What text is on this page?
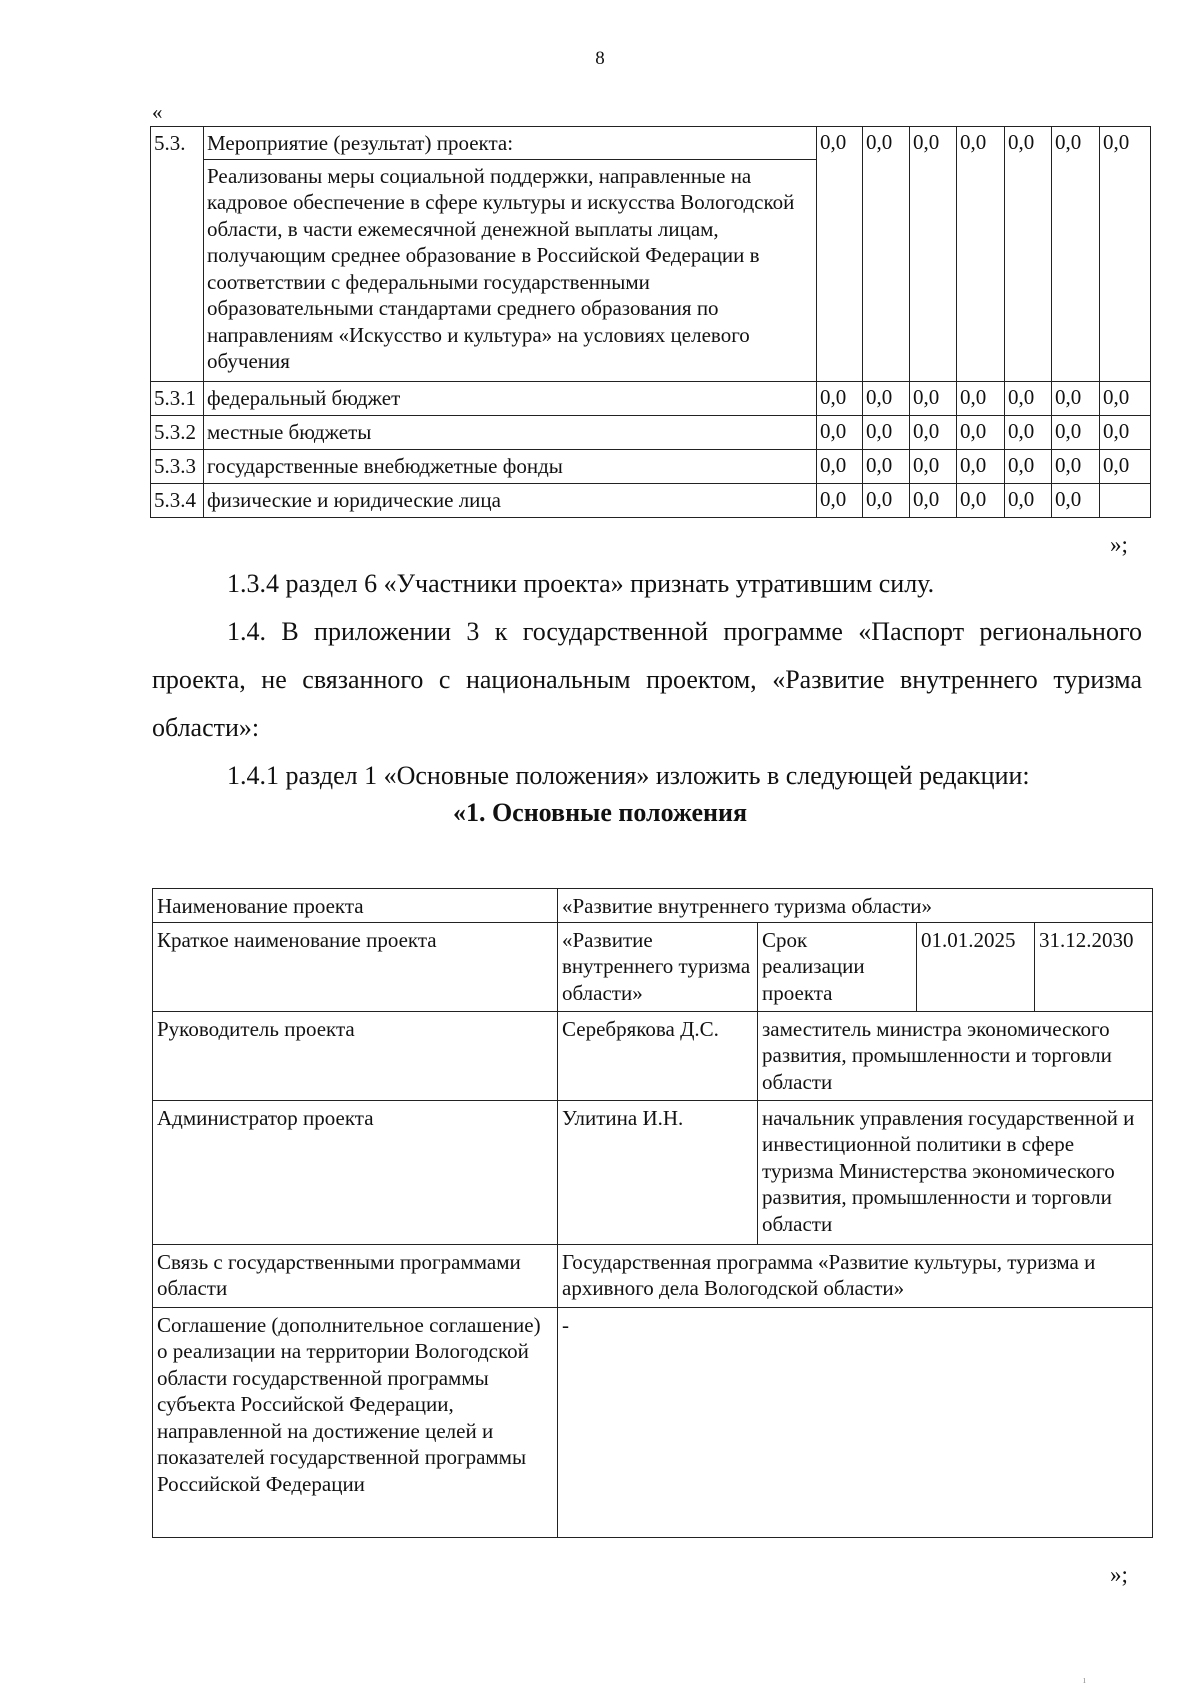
8
«
5.3.	Мероприятие (результат) проекта:	0,0	0,0	0,0	0,0	0,0	0,0	0,0
	Реализованы меры социальной поддержки, направленные на кадровое обеспечение в сфере культуры и искусства Вологодской области, в части ежемесячной денежной выплаты лицам, получающим среднее образование в Российской Федерации в соответствии с федеральными государственными образовательными стандартами среднего образования по направлениям «Искусство и культура» на условиях целевого обучения							
5.3.1	федеральный бюджет	0,0	0,0	0,0	0,0	0,0	0,0	0,0
5.3.2	местные бюджеты	0,0	0,0	0,0	0,0	0,0	0,0	0,0
5.3.3	государственные внебюджетные фонды	0,0	0,0	0,0	0,0	0,0	0,0	0,0
5.3.4	физические и юридические лица	0,0	0,0	0,0	0,0	0,0	0,0	
»;
1.3.4 раздел 6 «Участники проекта» признать утратившим силу.
1.4. В приложении 3 к государственной программе «Паспорт регионального проекта, не связанного с национальным проектом, «Развитие внутреннего туризма области»:
1.4.1 раздел 1 «Основные положения» изложить в следующей редакции:
«1. Основные положения
Наименование проекта	«Развитие внутреннего туризма области»			
Краткое наименование проекта	«Развитие внутреннего туризма области»	Срок реализации проекта	01.01.2025	31.12.2030
Руководитель проекта	Серебрякова Д.С.	заместитель министра экономического развития, промышленности и торговли области		
Администратор проекта	Улитина И.Н.	начальник управления государственной и инвестиционной политики в сфере туризма Министерства экономического развития, промышленности и торговли области		
Связь с государственными программами области	Государственная программа «Развитие культуры, туризма и архивного дела Вологодской области»			
Соглашение (дополнительное соглашение) о реализации на территории Вологодской области государственной программы субъекта Российской Федерации, направленной на достижение целей и показателей государственной программы Российской Федерации	-			
»;
ı
